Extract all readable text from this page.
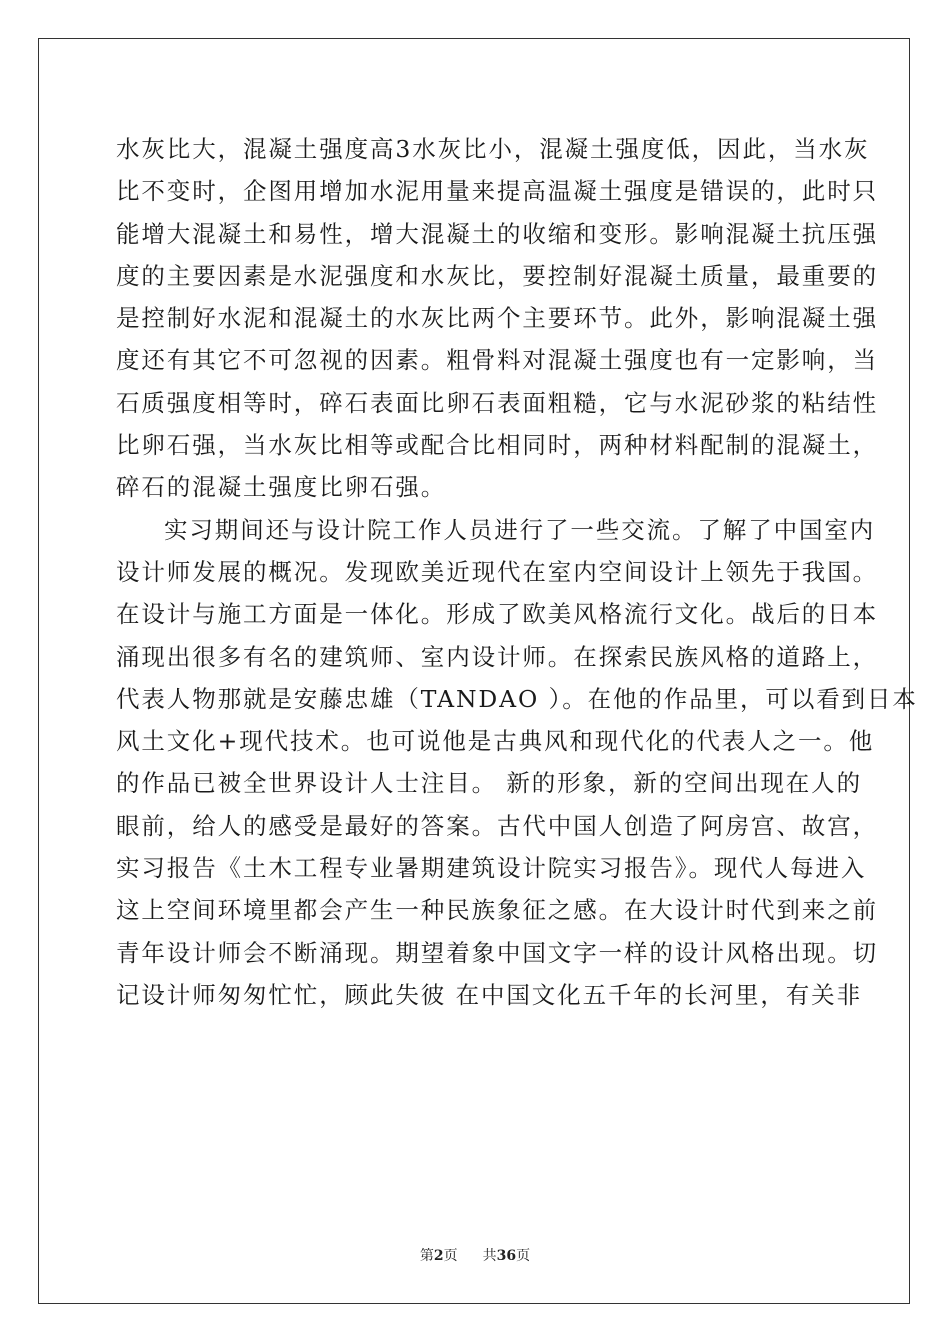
水灰比大，混凝土强度高3水灰比小，混凝土强度低，因此，当水灰
比不变时，企图用增加水泥用量来提高温凝土强度是错误的，此时只
能增大混凝土和易性，增大混凝土的收缩和变形。影响混凝土抗压强
度的主要因素是水泥强度和水灰比，要控制好混凝土质量，最重要的
是控制好水泥和混凝土的水灰比两个主要环节。此外，影响混凝土强
度还有其它不可忽视的因素。粗骨料对混凝土强度也有一定影响，当
石质强度相等时，碎石表面比卵石表面粗糙，它与水泥砂浆的粘结性
比卵石强，当水灰比相等或配合比相同时，两种材料配制的混凝土，
碎石的混凝土强度比卵石强。
实习期间还与设计院工作人员进行了一些交流。了解了中国室内
设计师发展的概况。发现欧美近现代在室内空间设计上领先于我国。
在设计与施工方面是一体化。形成了欧美风格流行文化。战后的日本
涌现出很多有名的建筑师、室内设计师。在探索民族风格的道路上，
代表人物那就是安藤忠雄（TANDAO ）。在他的作品里，可以看到日本
风土文化+现代技术。也可说他是古典风和现代化的代表人之一。他
的作品已被全世界设计人士注目。 新的形象，新的空间出现在人的
眼前，给人的感受是最好的答案。古代中国人创造了阿房宫、故宫，
实习报告《土木工程专业暑期建筑设计院实习报告》。现代人每进入
这上空间环境里都会产生一种民族象征之感。在大设计时代到来之前
青年设计师会不断涌现。期望着象中国文字一样的设计风格出现。切
记设计师匆匆忙忙，顾此失彼 在中国文化五千年的长河里，有关非
第2页 共36页
